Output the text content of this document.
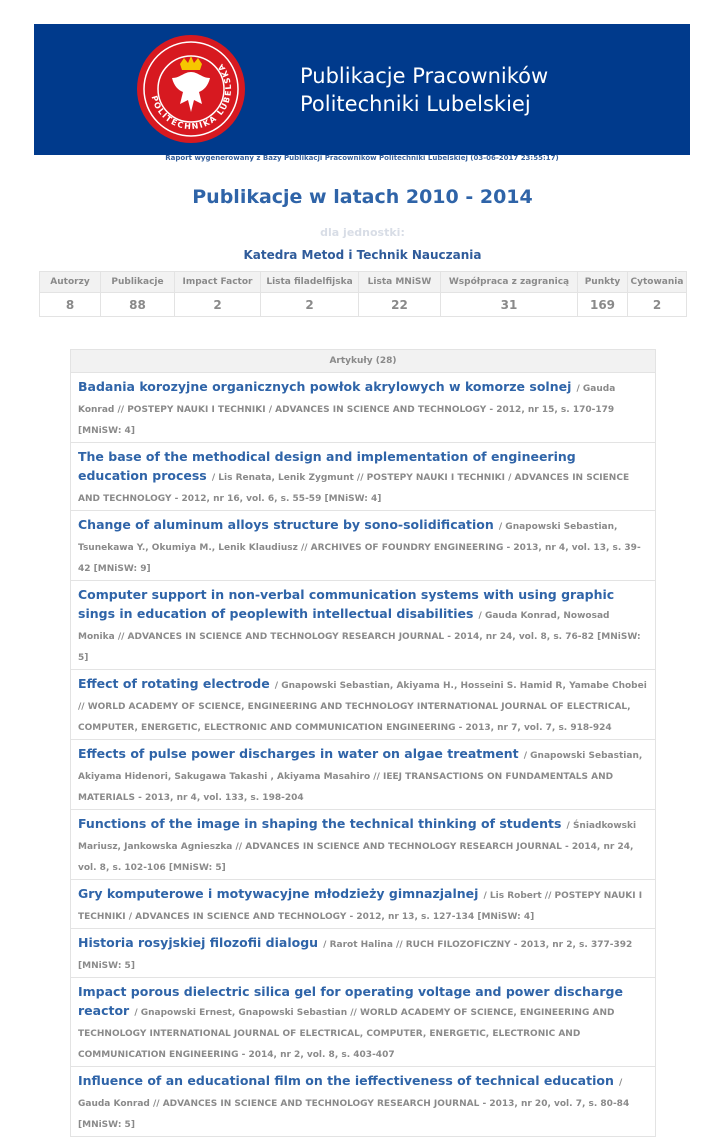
POLITECHNIKA LUBELSKA	Publikacje Pracowników
Politechniki Lubelskiej
Raport wygenerowany z Bazy Publikacji Pracowników Politechniki Lubelskiej (03-06-2017 23:55:17)
Publikacje w latach 2010 - 2014
dla jednostki:
Katedra Metod i Technik Nauczania
Autorzy	Publikacje	Impact Factor	Lista filadelfijska	Lista MNiSW	Współpraca z zagranicą	Punkty	Cytowania
8	88	2	2	22	31	169	2
Artykuły (28)
Badania korozyjne organicznych powłok akrylowych w komorze solnej / Gauda Konrad // POSTEPY NAUKI I TECHNIKI / ADVANCES IN SCIENCE AND TECHNOLOGY - 2012, nr 15, s. 170-179 [MNiSW: 4]
The base of the methodical design and implementation of engineering education process / Lis Renata, Lenik Zygmunt // POSTEPY NAUKI I TECHNIKI / ADVANCES IN SCIENCE AND TECHNOLOGY - 2012, nr 16, vol. 6, s. 55-59 [MNiSW: 4]
Change of aluminum alloys structure by sono-solidification / Gnapowski Sebastian, Tsunekawa Y., Okumiya M., Lenik Klaudiusz // ARCHIVES OF FOUNDRY ENGINEERING - 2013, nr 4, vol. 13, s. 39-42 [MNiSW: 9]
Computer support in non-verbal communication systems with using graphic sings in education of peoplewith intellectual disabilities / Gauda Konrad, Nowosad Monika // ADVANCES IN SCIENCE AND TECHNOLOGY RESEARCH JOURNAL - 2014, nr 24, vol. 8, s. 76-82 [MNiSW: 5]
Effect of rotating electrode / Gnapowski Sebastian, Akiyama H., Hosseini S. Hamid R, Yamabe Chobei // WORLD ACADEMY OF SCIENCE, ENGINEERING AND TECHNOLOGY INTERNATIONAL JOURNAL OF ELECTRICAL, COMPUTER, ENERGETIC, ELECTRONIC AND COMMUNICATION ENGINEERING - 2013, nr 7, vol. 7, s. 918-924
Effects of pulse power discharges in water on algae treatment / Gnapowski Sebastian, Akiyama Hidenori, Sakugawa Takashi , Akiyama Masahiro // IEEJ TRANSACTIONS ON FUNDAMENTALS AND MATERIALS - 2013, nr 4, vol. 133, s. 198-204
Functions of the image in shaping the technical thinking of students / Śniadkowski Mariusz, Jankowska Agnieszka // ADVANCES IN SCIENCE AND TECHNOLOGY RESEARCH JOURNAL - 2014, nr 24, vol. 8, s. 102-106 [MNiSW: 5]
Gry komputerowe i motywacyjne młodzieży gimnazjalnej / Lis Robert // POSTEPY NAUKI I TECHNIKI / ADVANCES IN SCIENCE AND TECHNOLOGY - 2012, nr 13, s. 127-134 [MNiSW: 4]
Historia rosyjskiej filozofii dialogu / Rarot Halina // RUCH FILOZOFICZNY - 2013, nr 2, s. 377-392 [MNiSW: 5]
Impact porous dielectric silica gel for operating voltage and power discharge reactor / Gnapowski Ernest, Gnapowski Sebastian // WORLD ACADEMY OF SCIENCE, ENGINEERING AND TECHNOLOGY INTERNATIONAL JOURNAL OF ELECTRICAL, COMPUTER, ENERGETIC, ELECTRONIC AND COMMUNICATION ENGINEERING - 2014, nr 2, vol. 8, s. 403-407
Influence of an educational film on the ieffectiveness of technical education / Gauda Konrad // ADVANCES IN SCIENCE AND TECHNOLOGY RESEARCH JOURNAL - 2013, nr 20, vol. 7, s. 80-84 [MNiSW: 5]
